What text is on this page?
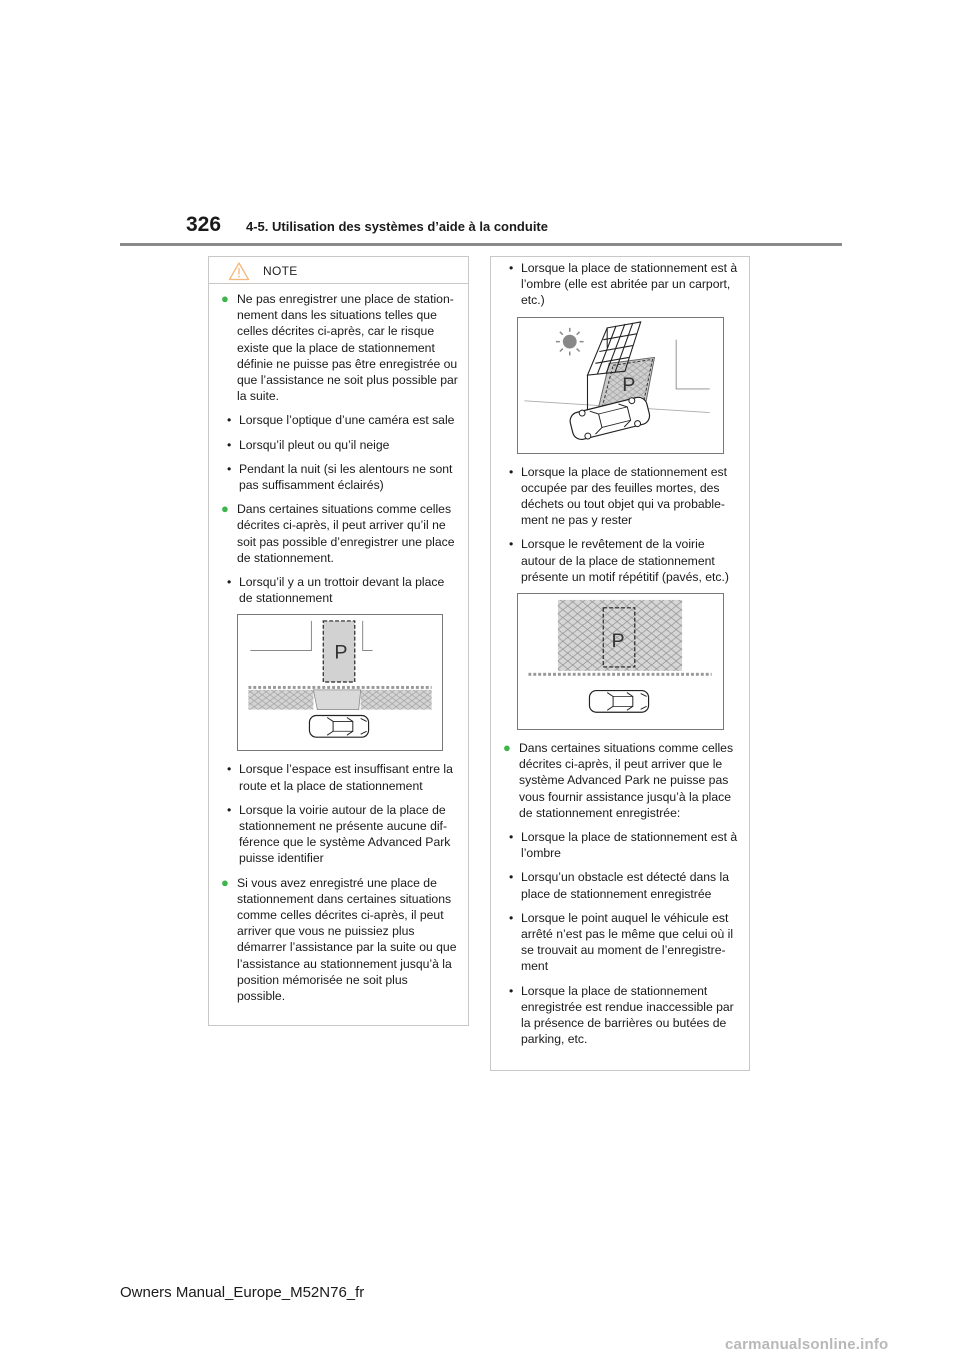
326 4-5. Utilisation des systèmes d’aide à la conduite
NOTE
● Ne pas enregistrer une place de stationnement dans les situations telles que celles décrites ci-après, car le risque existe que la place de stationnement définie ne puisse pas être enregistrée ou que l’assistance ne soit plus possible par la suite.
• Lorsque l’optique d’une caméra est sale
• Lorsqu’il pleut ou qu’il neige
• Pendant la nuit (si les alentours ne sont pas suffisamment éclairés)
● Dans certaines situations comme celles décrites ci-après, il peut arriver qu’il ne soit pas possible d’enregistrer une place de stationnement.
• Lorsqu’il y a un trottoir devant la place de stationnement
P
• Lorsque l’espace est insuffisant entre la route et la place de stationnement
• Lorsque la voirie autour de la place de stationnement ne présente aucune différence que le système Advanced Park puisse identifier
● Si vous avez enregistré une place de stationnement dans certaines situations comme celles décrites ci-après, il peut arriver que vous ne puissiez plus démarrer l’assistance par la suite ou que l’assistance au stationnement jusqu’à la position mémorisée ne soit plus possible.
• Lorsque la place de stationnement est à l’ombre (elle est abritée par un carport, etc.)
P
• Lorsque la place de stationnement est occupée par des feuilles mortes, des déchets ou tout objet qui va probablement ne pas y rester
• Lorsque le revêtement de la voirie autour de la place de stationnement présente un motif répétitif (pavés, etc.)
P
● Dans certaines situations comme celles décrites ci-après, il peut arriver que le système Advanced Park ne puisse pas vous fournir assistance jusqu’à la place de stationnement enregistrée:
• Lorsque la place de stationnement est à l’ombre
• Lorsqu’un obstacle est détecté dans la place de stationnement enregistrée
• Lorsque le point auquel le véhicule est arrêté n’est pas le même que celui où il se trouvait au moment de l’enregistrement
• Lorsque la place de stationnement enregistrée est rendue inaccessible par la présence de barrières ou butées de parking, etc.
Owners Manual_Europe_M52N76_fr
carmanualsonline.info
